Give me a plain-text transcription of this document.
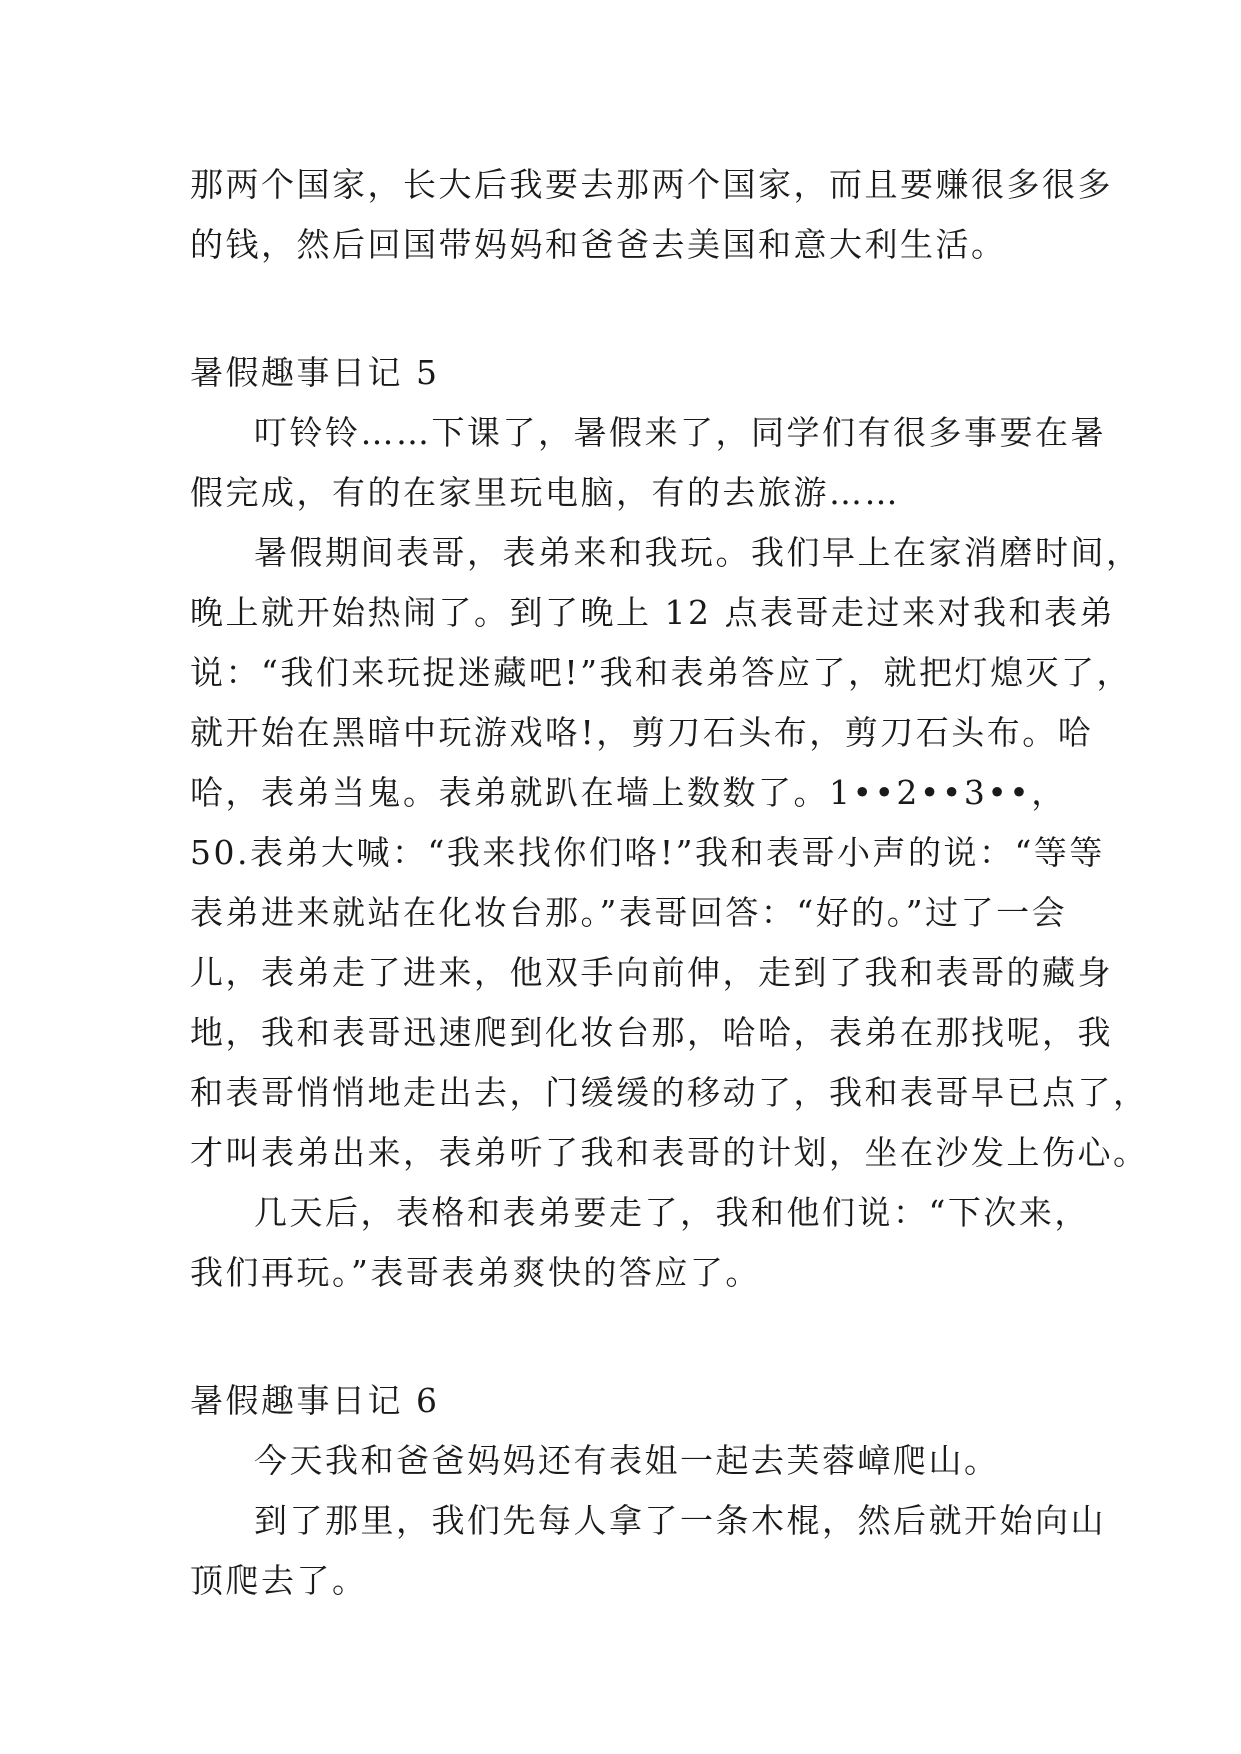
那两个国家，长大后我要去那两个国家，而且要赚很多很多
的钱，然后回国带妈妈和爸爸去美国和意大利生活。
暑假趣事日记 5
叮铃铃……下课了，暑假来了，同学们有很多事要在暑
假完成，有的在家里玩电脑，有的去旅游……
暑假期间表哥，表弟来和我玩。我们早上在家消磨时间，
晚上就开始热闹了。到了晚上 12 点表哥走过来对我和表弟
说：“我们来玩捉迷藏吧!”我和表弟答应了，就把灯熄灭了，
就开始在黑暗中玩游戏咯!，剪刀石头布，剪刀石头布。哈
哈，表弟当鬼。表弟就趴在墙上数数了。1••2••3••，
50.表弟大喊：“我来找你们咯!”我和表哥小声的说：“等等
表弟进来就站在化妆台那。”表哥回答：“好的。”过了一会
儿，表弟走了进来，他双手向前伸，走到了我和表哥的藏身
地，我和表哥迅速爬到化妆台那，哈哈，表弟在那找呢，我
和表哥悄悄地走出去，门缓缓的移动了，我和表哥早已点了，
才叫表弟出来，表弟听了我和表哥的计划，坐在沙发上伤心。
几天后，表格和表弟要走了，我和他们说：“下次来，
我们再玩。”表哥表弟爽快的答应了。
暑假趣事日记 6
今天我和爸爸妈妈还有表姐一起去芙蓉嶂爬山。
到了那里，我们先每人拿了一条木棍，然后就开始向山
顶爬去了。
